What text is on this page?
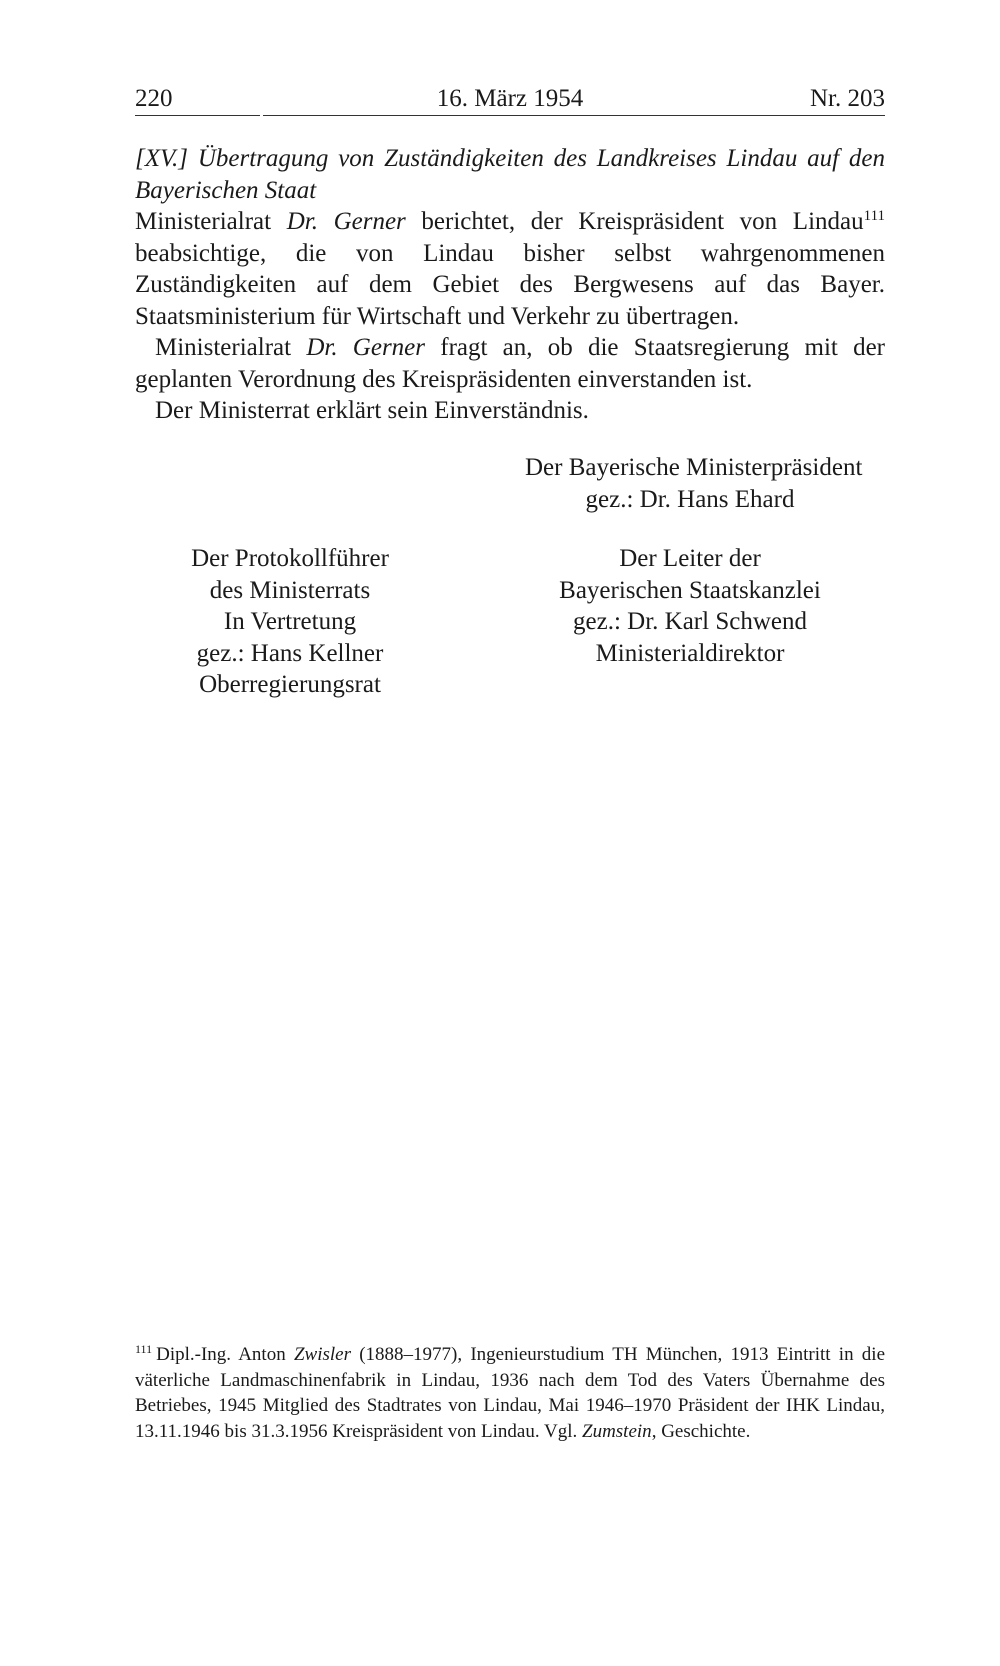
220	16. März 1954	Nr. 203

[XV.] Übertragung von Zuständigkeiten des Landkreises Lindau auf den Bayerischen Staat

Ministerialrat Dr. Gerner berichtet, der Kreispräsident von Lindau$^{111}$ beabsichtige, die von Lindau bisher selbst wahrgenommenen Zuständigkeiten auf dem Gebiet des Bergwesens auf das Bayer. Staatsministerium für Wirtschaft und Verkehr zu übertragen.

Ministerialrat Dr. Gerner fragt an, ob die Staatsregierung mit der geplanten Verordnung des Kreispräsidenten einverstanden ist.

Der Ministerrat erklärt sein Einverständnis.

Der Bayerische Ministerpräsident
gez.: Dr. Hans Ehard
Der Protokollführer
des Ministerrats
In Vertretung
gez.: Hans Kellner
Oberregierungsrat
Der Leiter der
Bayerischen Staatskanzlei
gez.: Dr. Karl Schwend
Ministerialdirektor

$^{111}$ Dipl.-Ing. Anton Zwisler (1888–1977), Ingenieurstudium TH München, 1913 Eintritt in die väterliche Landmaschinenfabrik in Lindau, 1936 nach dem Tod des Vaters Übernahme des Betriebes, 1945 Mitglied des Stadtrates von Lindau, Mai 1946–1970 Präsident der IHK Lindau, 13.11.1946 bis 31.3.1956 Kreispräsident von Lindau. Vgl. Zumstein, Geschichte.
